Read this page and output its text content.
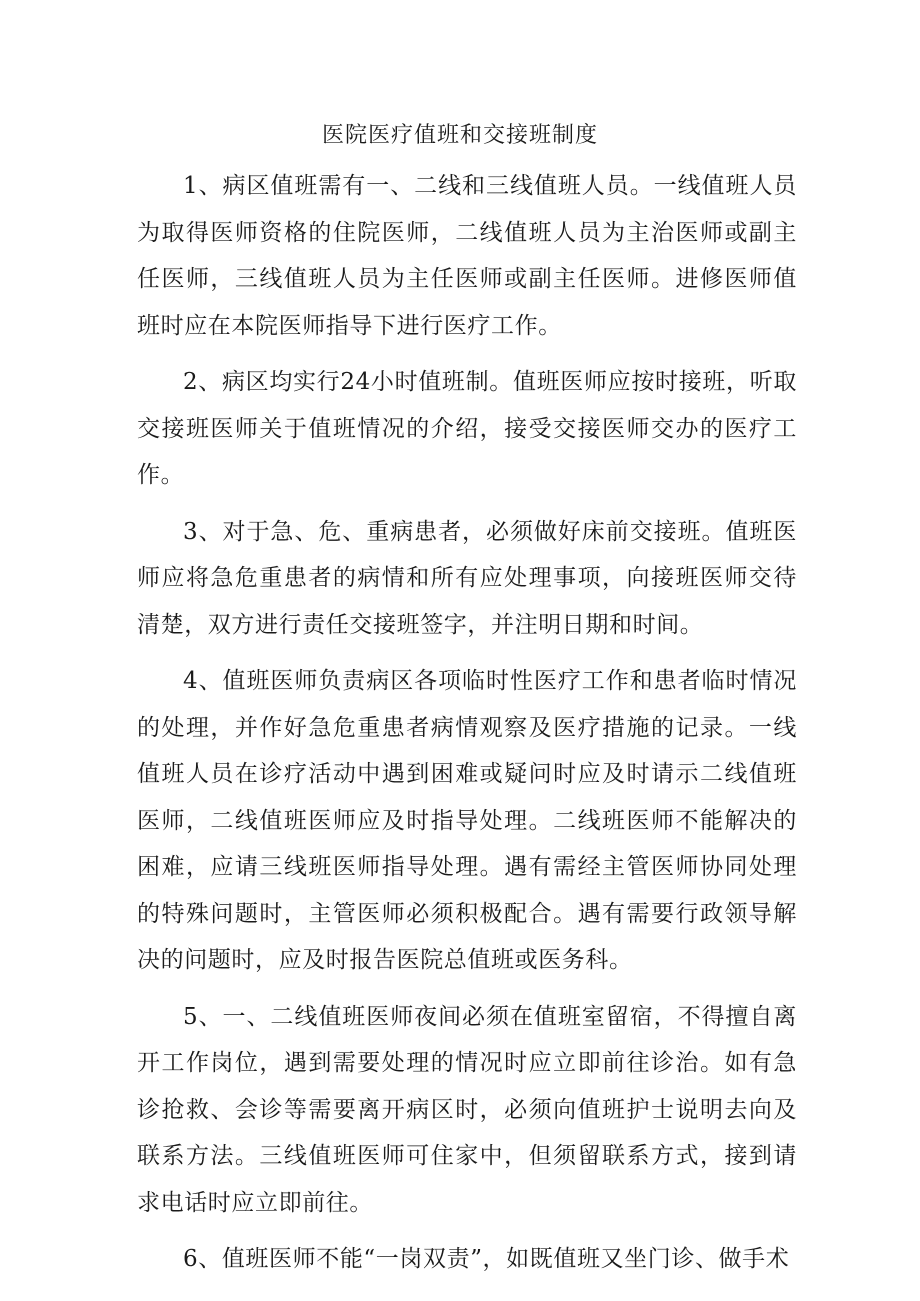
医院医疗值班和交接班制度

1、病区值班需有一、二线和三线值班人员。一线值班人员为取得医师资格的住院医师，二线值班人员为主治医师或副主任医师，三线值班人员为主任医师或副主任医师。进修医师值班时应在本院医师指导下进行医疗工作。

2、病区均实行24小时值班制。值班医师应按时接班，听取交接班医师关于值班情况的介绍，接受交接医师交办的医疗工作。

3、对于急、危、重病患者，必须做好床前交接班。值班医师应将急危重患者的病情和所有应处理事项，向接班医师交待清楚，双方进行责任交接班签字，并注明日期和时间。

4、值班医师负责病区各项临时性医疗工作和患者临时情况的处理，并作好急危重患者病情观察及医疗措施的记录。一线值班人员在诊疗活动中遇到困难或疑问时应及时请示二线值班医师，二线值班医师应及时指导处理。二线班医师不能解决的困难，应请三线班医师指导处理。遇有需经主管医师协同处理的特殊问题时，主管医师必须积极配合。遇有需要行政领导解决的问题时，应及时报告医院总值班或医务科。

5、一、二线值班医师夜间必须在值班室留宿，不得擅自离开工作岗位，遇到需要处理的情况时应立即前往诊治。如有急诊抢救、会诊等需要离开病区时，必须向值班护士说明去向及联系方法。三线值班医师可住家中，但须留联系方式，接到请求电话时应立即前往。

6、值班医师不能“一岗双责”，如既值班又坐门诊、做手术
